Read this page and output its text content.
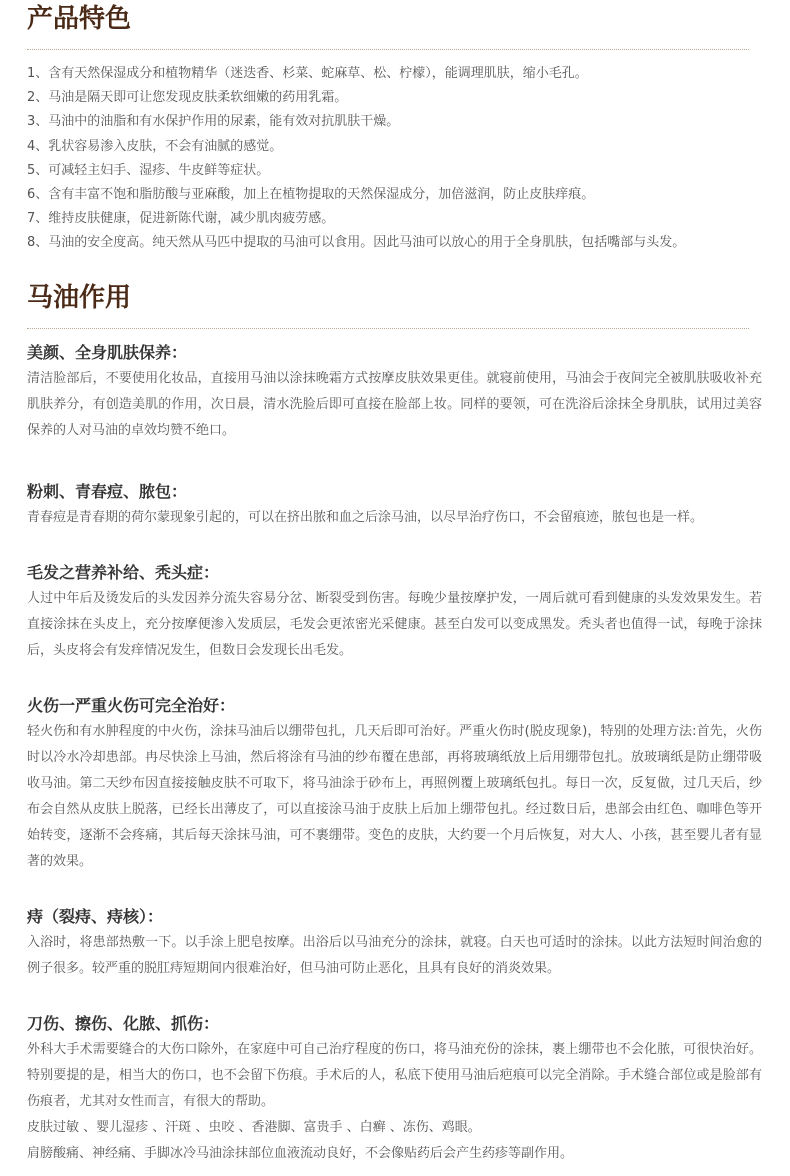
产品特色
1、含有天然保湿成分和植物精华（迷迭香、杉菜、蛇麻草、松、柠檬），能调理肌肤，缩小毛孔。
2、马油是隔天即可让您发现皮肤柔软细嫩的药用乳霜。
3、马油中的油脂和有水保护作用的尿素，能有效对抗肌肤干燥。
4、乳状容易渗入皮肤，不会有油腻的感觉。
5、可减轻主妇手、湿疹、牛皮鲜等症状。
6、含有丰富不饱和脂肪酸与亚麻酸，加上在植物提取的天然保湿成分，加倍滋润，防止皮肤痒痕。
7、维持皮肤健康，促进新陈代谢，减少肌肉疲劳感。
8、马油的安全度高。纯天然从马匹中提取的马油可以食用。因此马油可以放心的用于全身肌肤，包括嘴部与头发。
马油作用
美颜、全身肌肤保养：

清洁脸部后，不要使用化妆品，直接用马油以涂抹晚霜方式按摩皮肤效果更佳。就寝前使用，马油会于夜间完全被肌肤吸收补充肌肤养分，有创造美肌的作用，次日晨，清水洗脸后即可直接在脸部上妆。同样的要领，可在洗浴后涂抹全身肌肤，试用过美容保养的人对马油的卓效均赞不绝口。

粉刺、青春痘、脓包：

青春痘是青春期的荷尔蒙现象引起的，可以在挤出脓和血之后涂马油，以尽早治疗伤口，不会留痕迹，脓包也是一样。

毛发之营养补给、秃头症：

人过中年后及烫发后的头发因养分流失容易分岔、断裂受到伤害。每晚少量按摩护发，一周后就可看到健康的头发效果发生。若直接涂抹在头皮上，充分按摩便渗入发质层，毛发会更浓密光采健康。甚至白发可以变成黑发。秃头者也值得一试，每晚于涂抹后，头皮将会有发痒情况发生，但数日会发现长出毛发。

火伤一严重火伤可完全治好：

轻火伤和有水肿程度的中火伤，涂抹马油后以绷带包扎，几天后即可治好。严重火伤时(脱皮现象)，特别的处理方法:首先，火伤时以冷水冷却患部。冉尽快涂上马油，然后将涂有马油的纱布覆在患部，再将玻璃纸放上后用绷带包扎。放玻璃纸是防止绷带吸收马油。第二天纱布因直接接触皮肤不可取下，将马油涂于砂布上，再照例覆上玻璃纸包扎。每日一次，反复做，过几天后，纱布会自然从皮肤上脱落，已经长出薄皮了，可以直接涂马油于皮肤上后加上绷带包扎。经过数日后，患部会由红色、咖啡色等开始转变，逐渐不会疼痛，其后每天涂抹马油，可不裹绷带。变色的皮肤，大约要一个月后恢复，对大人、小孩，甚至婴儿者有显著的效果。

痔（裂痔、痔核）：

入浴时，将患部热敷一下。以手涂上肥皂按摩。出浴后以马油充分的涂抹，就寝。白天也可适时的涂抹。以此方法短时间治愈的例子很多。较严重的脱肛痔短期间内很难治好，但马油可防止恶化，且具有良好的消炎效果。

刀伤、擦伤、化脓、抓伤：

外科大手术需要缝合的大伤口除外，在家庭中可自己治疗程度的伤口，将马油充份的涂抹，裹上绷带也不会化脓，可很快治好。特别要提的是，相当大的伤口，也不会留下伤痕。手术后的人，私底下使用马油后疤痕可以完全消除。手术缝合部位或是脸部有伤痕者，尤其对女性而言，有很大的帮助。

皮肤过敏 、婴儿湿疹 、汗斑 、虫咬 、香港脚、富贵手 、白癣 、冻伤、鸡眼。

肩膀酸痛、神经痛、手脚冰冷马油涂抹部位血液流动良好，不会像贴药后会产生药疹等副作用。
